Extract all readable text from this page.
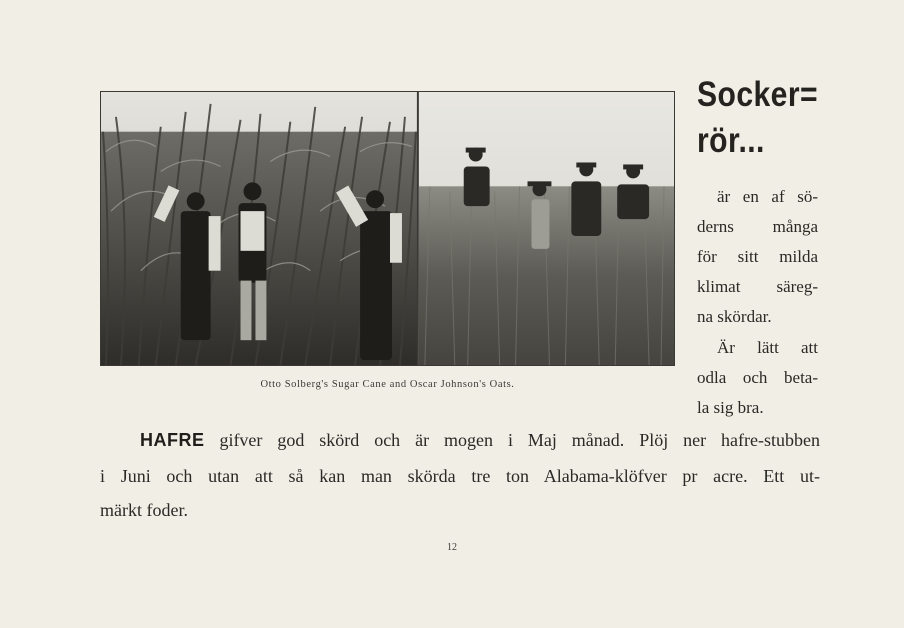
Otto Solberg's Sugar Cane and Oscar Johnson's Oats.
Socker=
rör...
är en af sö-
derns många
för sitt milda
klimat säreg-
na skördar.
Är lätt att
odla och beta-
la sig bra.
HAFRE gifver god skörd och är mogen i Maj månad. Plöj ner hafre-stubben
i Juni och utan att så kan man skörda tre ton Alabama-klöfver pr acre. Ett ut-
märkt foder.
12
